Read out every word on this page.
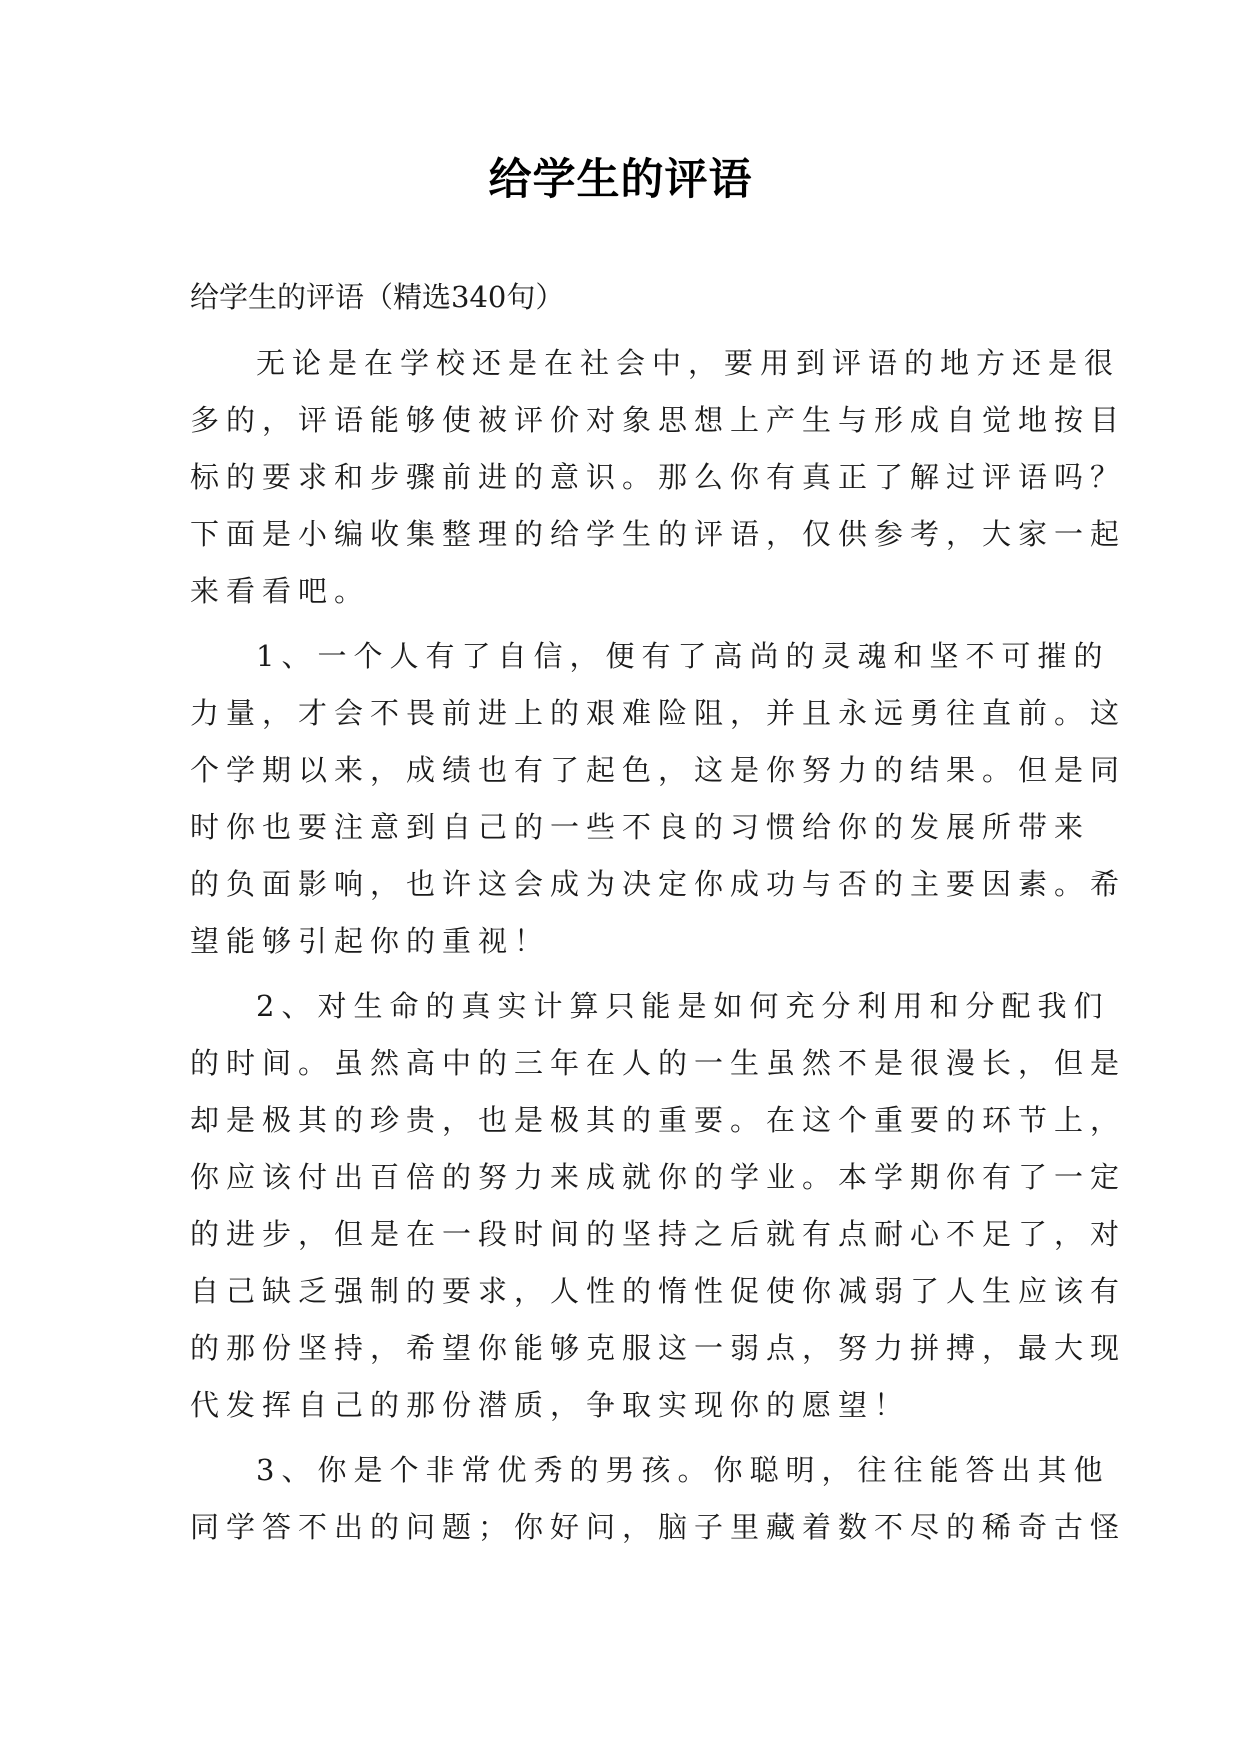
给学生的评语
给学生的评语（精选340句）
无论是在学校还是在社会中，要用到评语的地方还是很
多的，评语能够使被评价对象思想上产生与形成自觉地按目
标的要求和步骤前进的意识。那么你有真正了解过评语吗？
下面是小编收集整理的给学生的评语，仅供参考，大家一起
来看看吧。
1、一个人有了自信，便有了高尚的灵魂和坚不可摧的
力量，才会不畏前进上的艰难险阻，并且永远勇往直前。这
个学期以来，成绩也有了起色，这是你努力的结果。但是同
时你也要注意到自己的一些不良的习惯给你的发展所带来
的负面影响，也许这会成为决定你成功与否的主要因素。希
望能够引起你的重视！
2、对生命的真实计算只能是如何充分利用和分配我们
的时间。虽然高中的三年在人的一生虽然不是很漫长，但是
却是极其的珍贵，也是极其的重要。在这个重要的环节上，
你应该付出百倍的努力来成就你的学业。本学期你有了一定
的进步，但是在一段时间的坚持之后就有点耐心不足了，对
自己缺乏强制的要求，人性的惰性促使你减弱了人生应该有
的那份坚持，希望你能够克服这一弱点，努力拼搏，最大现
代发挥自己的那份潜质，争取实现你的愿望！
3、你是个非常优秀的男孩。你聪明，往往能答出其他
同学答不出的问题；你好问，脑子里藏着数不尽的稀奇古怪
